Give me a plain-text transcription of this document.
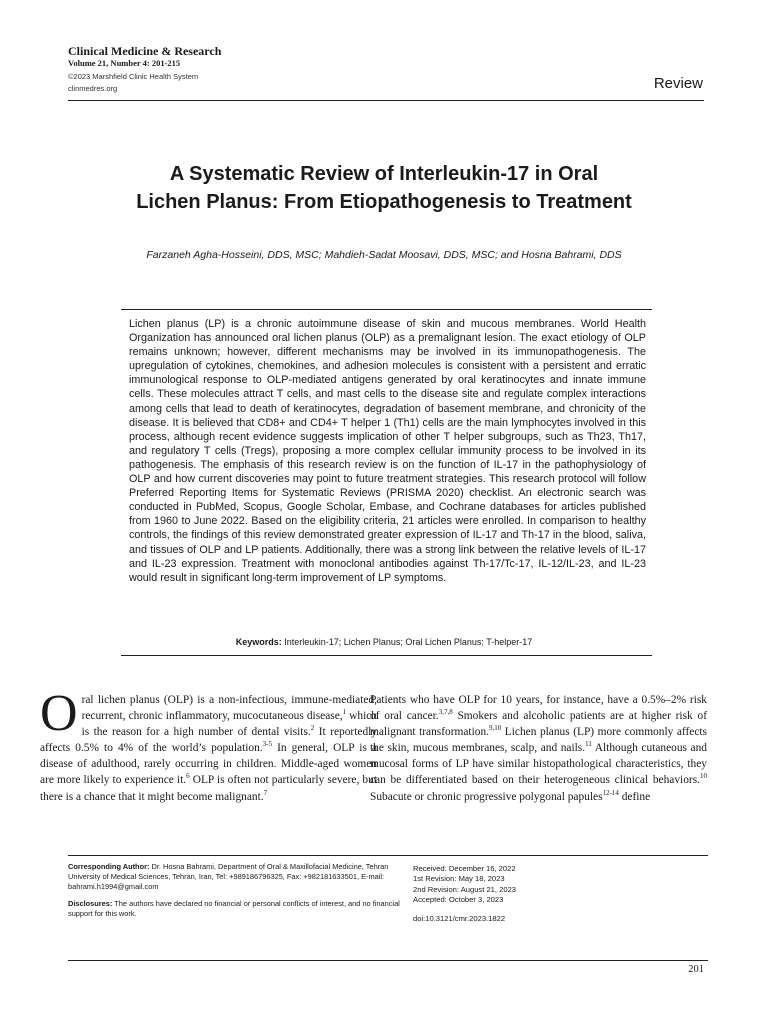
Clinical Medicine & Research
Volume 21, Number 4: 201-215
©2023 Marshfield Clinic Health System
clinmedres.org	Review
A Systematic Review of Interleukin-17 in Oral
Lichen Planus: From Etiopathogenesis to Treatment
Farzaneh Agha-Hosseini, DDS, MSC; Mahdieh-Sadat Moosavi, DDS, MSC; and Hosna Bahrami, DDS
Lichen planus (LP) is a chronic autoimmune disease of skin and mucous membranes. World Health Organization has announced oral lichen planus (OLP) as a premalignant lesion. The exact etiology of OLP remains unknown; however, different mechanisms may be involved in its immunopathogenesis. The upregulation of cytokines, chemokines, and adhesion molecules is consistent with a persistent and erratic immunological response to OLP-mediated antigens generated by oral keratinocytes and innate immune cells. These molecules attract T cells, and mast cells to the disease site and regulate complex interactions among cells that lead to death of keratinocytes, degradation of basement membrane, and chronicity of the disease. It is believed that CD8+ and CD4+ T helper 1 (Th1) cells are the main lymphocytes involved in this process, although recent evidence suggests implication of other T helper subgroups, such as Th23, Th17, and regulatory T cells (Tregs), proposing a more complex cellular immunity process to be involved in its pathogenesis. The emphasis of this research review is on the function of IL-17 in the pathophysiology of OLP and how current discoveries may point to future treatment strategies. This research protocol will follow Preferred Reporting Items for Systematic Reviews (PRISMA 2020) checklist. An electronic search was conducted in PubMed, Scopus, Google Scholar, Embase, and Cochrane databases for articles published from 1960 to June 2022. Based on the eligibility criteria, 21 articles were enrolled. In comparison to healthy controls, the findings of this review demonstrated greater expression of IL-17 and Th-17 in the blood, saliva, and tissues of OLP and LP patients. Additionally, there was a strong link between the relative levels of IL-17 and IL-23 expression. Treatment with monoclonal antibodies against Th-17/Tc-17, IL-12/IL-23, and IL-23 would result in significant long-term improvement of LP symptoms.
Keywords: Interleukin-17; Lichen Planus; Oral Lichen Planus; T-helper-17
Oral lichen planus (OLP) is a non-infectious, immune-mediated, recurrent, chronic inflammatory, mucocutaneous disease,$^1$ which is the reason for a high number of dental visits.$^2$ It reportedly affects 0.5% to 4% of the world’s population.$^{3-5}$ In general, OLP is a disease of adulthood, rarely occurring in children. Middle-aged women are more likely to experience it.$^6$ OLP is often not particularly severe, but there is a chance that it might become malignant.$^7$
Patients who have OLP for 10 years, for instance, have a 0.5%–2% risk of oral cancer.$^{3,7,8}$ Smokers and alcoholic patients are at higher risk of malignant transformation.$^{9,10}$ Lichen planus (LP) more commonly affects the skin, mucous membranes, scalp, and nails.$^{11}$ Although cutaneous and mucosal forms of LP have similar histopathological characteristics, they can be differentiated based on their heterogeneous clinical behaviors.$^{10}$ Subacute or chronic progressive polygonal papules$^{12-14}$ define
Corresponding Author: Dr. Hosna Bahrami, Department of Oral & Maxillofacial Medicine, Tehran University of Medical Sciences, Tehran, Iran, Tel: +989186796325, Fax: +982181633501, E-mail: bahrami.h1994@gmail.com
Disclosures: The authors have declared no financial or personal conflicts of interest, and no financial support for this work.
Received: December 16, 2022
1st Revision: May 18, 2023
2nd Revision: August 21, 2023
Accepted: October 3, 2023
doi:10.3121/cmr.2023.1822
201
